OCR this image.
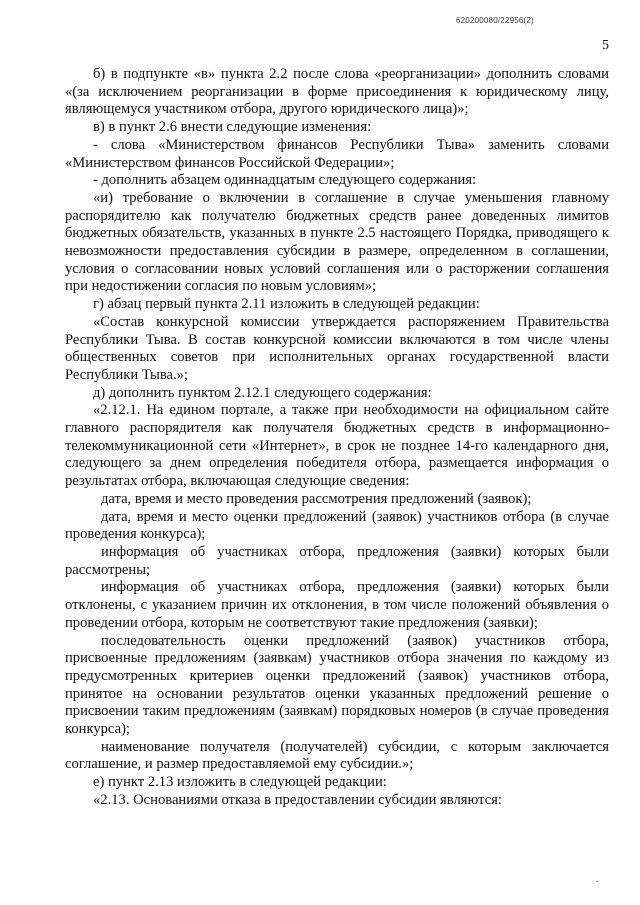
620200080/22956(2)
5

б) в подпункте «в» пункта 2.2 после слова «реорганизации» дополнить словами «(за исключением реорганизации в форме присоединения к юридическому лицу, являющемуся участником отбора, другого юридического лица)»;

в) в пункт 2.6 внести следующие изменения:

- слова «Министерством финансов Республики Тыва» заменить словами «Министерством финансов Российской Федерации»;

- дополнить абзацем одиннадцатым следующего содержания:

«и) требование о включении в соглашение в случае уменьшения главному распорядителю как получателю бюджетных средств ранее доведенных лимитов бюджетных обязательств, указанных в пункте 2.5 настоящего Порядка, приводящего к невозможности предоставления субсидии в размере, определенном в соглашении, условия о согласовании новых условий соглашения или о расторжении соглашения при недостижении согласия по новым условиям»;

г) абзац первый пункта 2.11 изложить в следующей редакции:

«Состав конкурсной комиссии утверждается распоряжением Правительства Республики Тыва. В состав конкурсной комиссии включаются в том числе члены общественных советов при исполнительных органах государственной власти Республики Тыва.»;

д) дополнить пунктом 2.12.1 следующего содержания:

«2.12.1. На едином портале, а также при необходимости на официальном сайте главного распорядителя как получателя бюджетных средств в информационно-телекоммуникационной сети «Интернет», в срок не позднее 14-го календарного дня, следующего за днем определения победителя отбора, размещается информация о результатах отбора, включающая следующие сведения:

дата, время и место проведения рассмотрения предложений (заявок);

дата, время и место оценки предложений (заявок) участников отбора (в случае проведения конкурса);

информация об участниках отбора, предложения (заявки) которых были рассмотрены;

информация об участниках отбора, предложения (заявки) которых были отклонены, с указанием причин их отклонения, в том числе положений объявления о проведении отбора, которым не соответствуют такие предложения (заявки);

последовательность оценки предложений (заявок) участников отбора, присвоенные предложениям (заявкам) участников отбора значения по каждому из предусмотренных критериев оценки предложений (заявок) участников отбора, принятое на основании результатов оценки указанных предложений решение о присвоении таким предложениям (заявкам) порядковых номеров (в случае проведения конкурса);

наименование получателя (получателей) субсидии, с которым заключается соглашение, и размер предоставляемой ему субсидии.»;

е) пункт 2.13 изложить в следующей редакции:

«2.13. Основаниями отказа в предоставлении субсидии являются:

.
